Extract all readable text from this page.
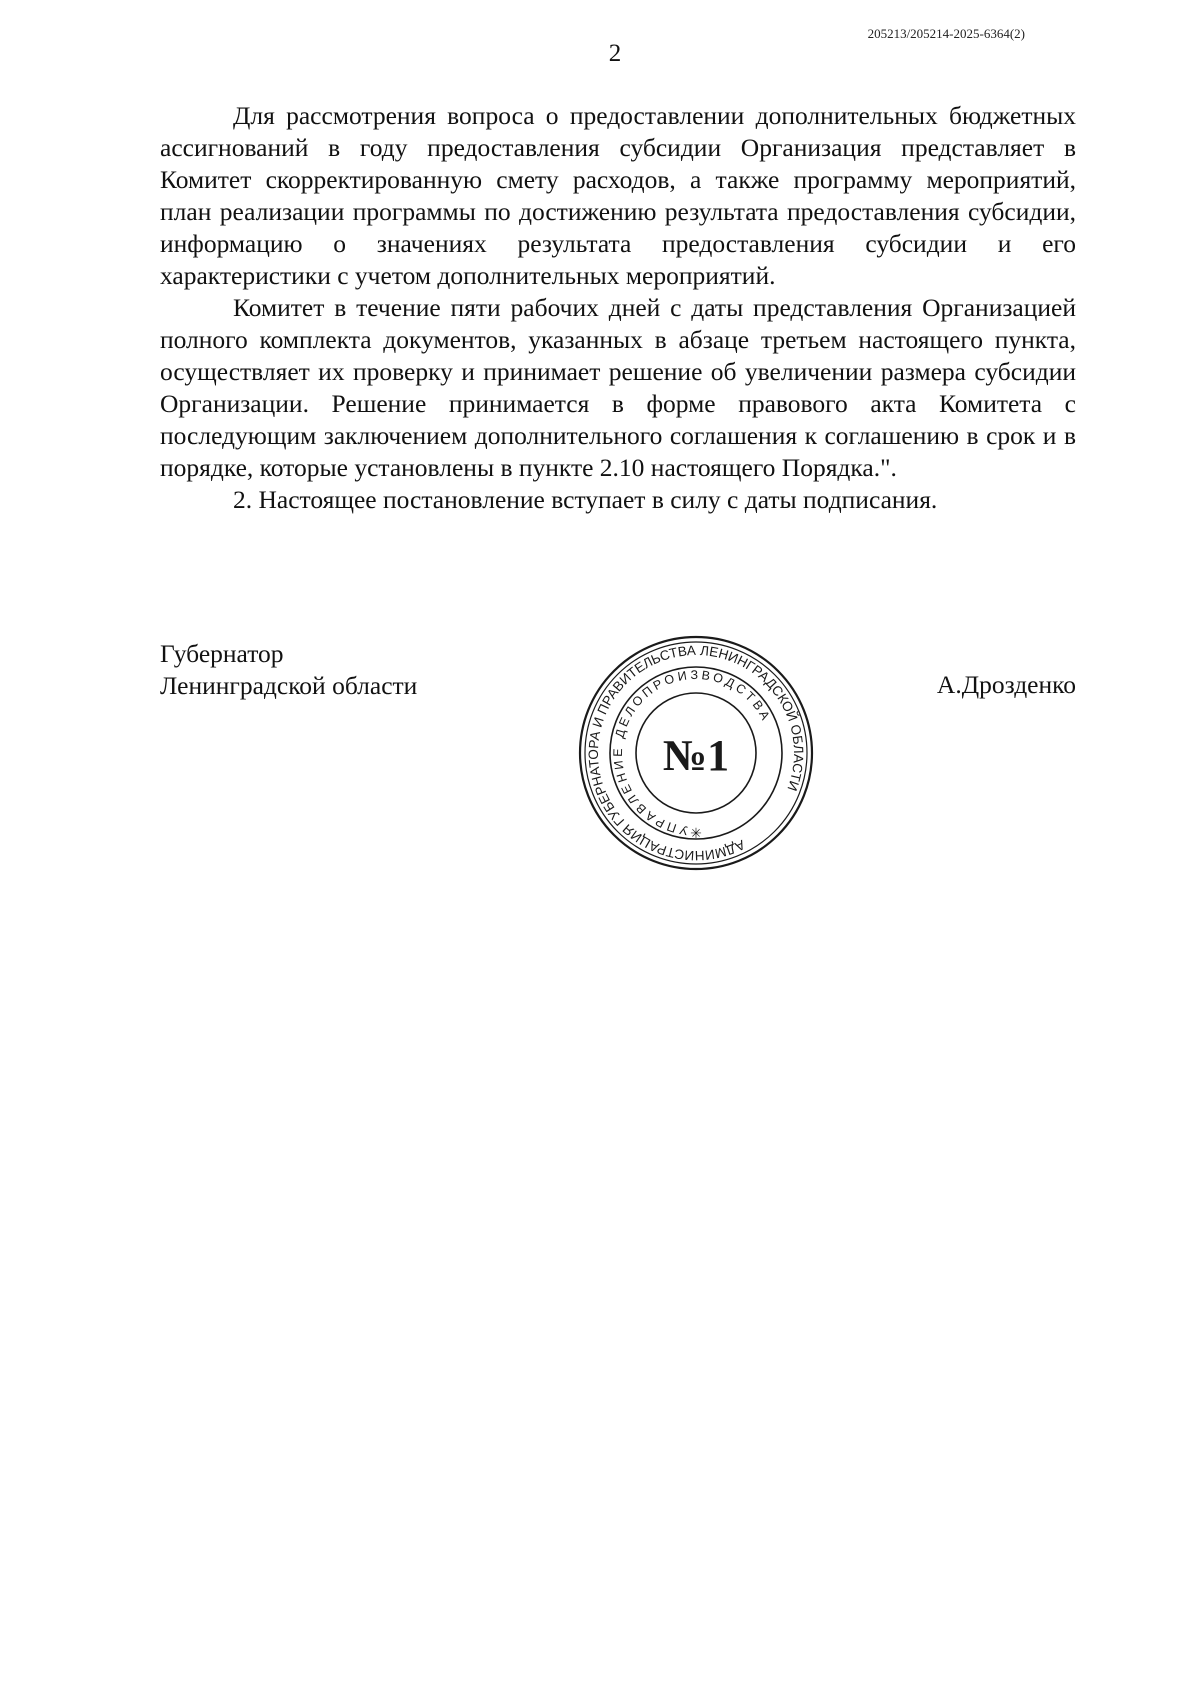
205213/205214-2025-6364(2)
2

Для рассмотрения вопроса о предоставлении дополнительных бюджетных ассигнований в году предоставления субсидии Организация представляет в Комитет скорректированную смету расходов, а также программу мероприятий, план реализации программы по достижению результата предоставления субсидии, информацию о значениях результата предоставления субсидии и его характеристики с учетом дополнительных мероприятий.

Комитет в течение пяти рабочих дней с даты представления Организацией полного комплекта документов, указанных в абзаце третьем настоящего пункта, осуществляет их проверку и принимает решение об увеличении размера субсидии Организации. Решение принимается в форме правового акта Комитета с последующим заключением дополнительного соглашения к соглашению в срок и в порядке, которые установлены в пункте 2.10 настоящего Порядка.".

2. Настоящее постановление вступает в силу с даты подписания.

Губернатор
Ленинградской области	А.Дрозденко
АДМИНИСТРАЦИЯ ГУБЕРНАТОРА И ПРАВИТЕЛЬСТВА ЛЕНИНГРАДСКОЙ ОБЛАСТИ
УПРАВЛЕНИЕ ДЕЛОПРОИЗВОДСТВА
№1
✳
